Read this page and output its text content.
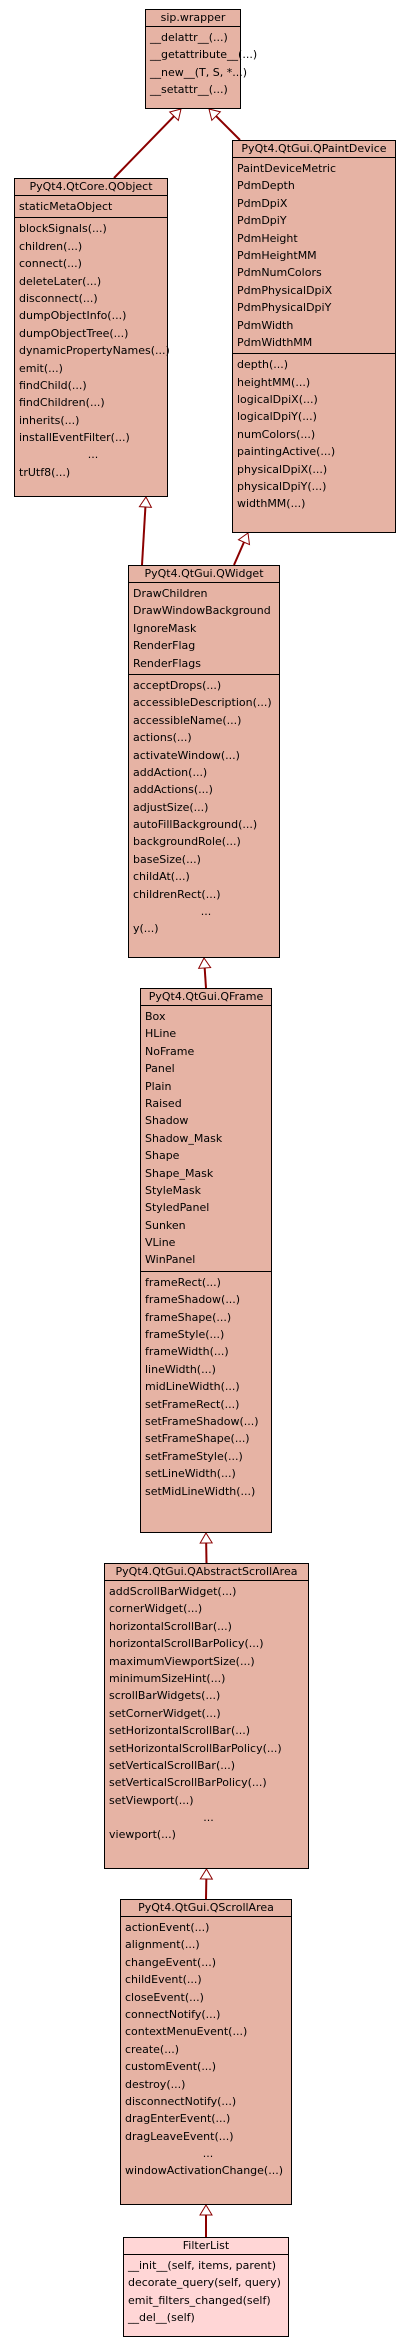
sip.wrapper
__delattr__(...)
__getattribute__(...)
__new__(T, S, *...)
__setattr__(...)
PyQt4.QtCore.QObject
staticMetaObject
blockSignals(...)
children(...)
connect(...)
deleteLater(...)
disconnect(...)
dumpObjectInfo(...)
dumpObjectTree(...)
dynamicPropertyNames(...)
emit(...)
findChild(...)
findChildren(...)
inherits(...)
installEventFilter(...)
...
trUtf8(...)
PyQt4.QtGui.QPaintDevice
PaintDeviceMetric
PdmDepth
PdmDpiX
PdmDpiY
PdmHeight
PdmHeightMM
PdmNumColors
PdmPhysicalDpiX
PdmPhysicalDpiY
PdmWidth
PdmWidthMM
depth(...)
heightMM(...)
logicalDpiX(...)
logicalDpiY(...)
numColors(...)
paintingActive(...)
physicalDpiX(...)
physicalDpiY(...)
widthMM(...)
PyQt4.QtGui.QWidget
DrawChildren
DrawWindowBackground
IgnoreMask
RenderFlag
RenderFlags
acceptDrops(...)
accessibleDescription(...)
accessibleName(...)
actions(...)
activateWindow(...)
addAction(...)
addActions(...)
adjustSize(...)
autoFillBackground(...)
backgroundRole(...)
baseSize(...)
childAt(...)
childrenRect(...)
...
y(...)
PyQt4.QtGui.QFrame
Box
HLine
NoFrame
Panel
Plain
Raised
Shadow
Shadow_Mask
Shape
Shape_Mask
StyleMask
StyledPanel
Sunken
VLine
WinPanel
frameRect(...)
frameShadow(...)
frameShape(...)
frameStyle(...)
frameWidth(...)
lineWidth(...)
midLineWidth(...)
setFrameRect(...)
setFrameShadow(...)
setFrameShape(...)
setFrameStyle(...)
setLineWidth(...)
setMidLineWidth(...)
PyQt4.QtGui.QAbstractScrollArea
addScrollBarWidget(...)
cornerWidget(...)
horizontalScrollBar(...)
horizontalScrollBarPolicy(...)
maximumViewportSize(...)
minimumSizeHint(...)
scrollBarWidgets(...)
setCornerWidget(...)
setHorizontalScrollBar(...)
setHorizontalScrollBarPolicy(...)
setVerticalScrollBar(...)
setVerticalScrollBarPolicy(...)
setViewport(...)
...
viewport(...)
PyQt4.QtGui.QScrollArea
actionEvent(...)
alignment(...)
changeEvent(...)
childEvent(...)
closeEvent(...)
connectNotify(...)
contextMenuEvent(...)
create(...)
customEvent(...)
destroy(...)
disconnectNotify(...)
dragEnterEvent(...)
dragLeaveEvent(...)
...
windowActivationChange(...)
FilterList
__init__(self, items, parent)
decorate_query(self, query)
emit_filters_changed(self)
__del__(self)
